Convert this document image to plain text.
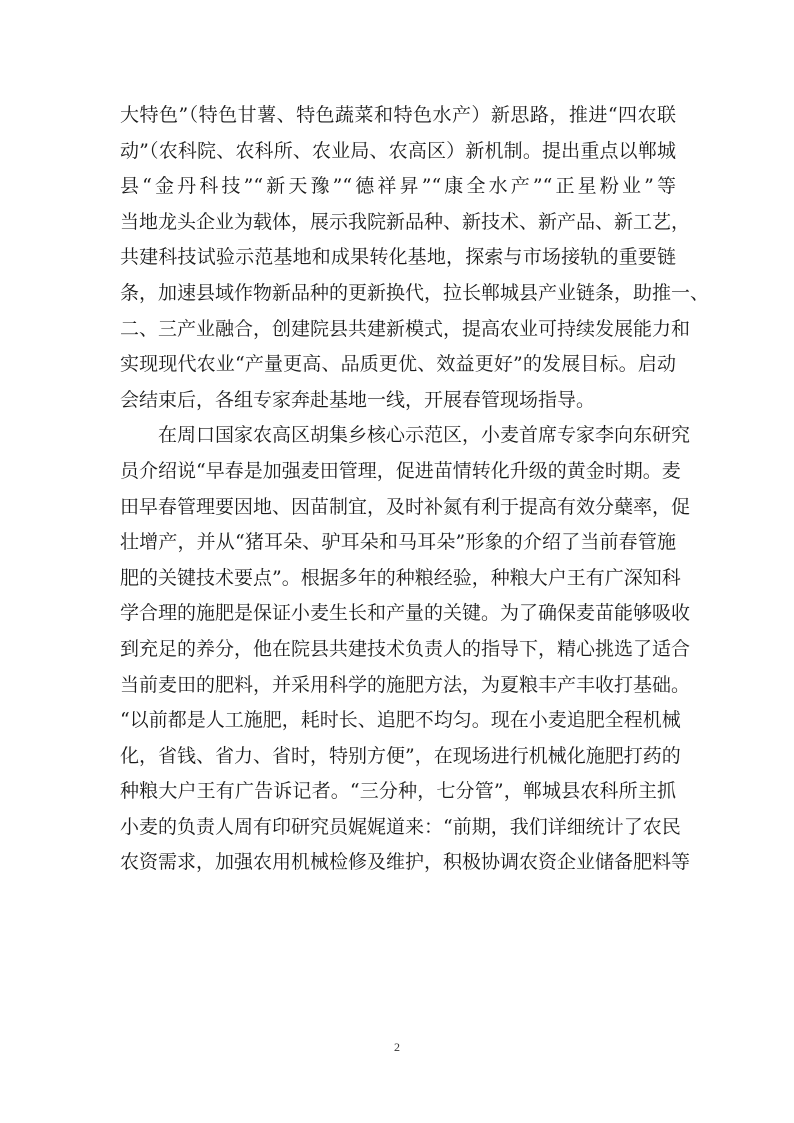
大特色”（特色甘薯、特色蔬菜和特色水产）新思路，推进“四农联
动”（农科院、农科所、农业局、农高区）新机制。提出重点以郸城
县“金丹科技”“新天豫”“德祥昇”“康全水产”“正星粉业”等
当地龙头企业为载体，展示我院新品种、新技术、新产品、新工艺，
共建科技试验示范基地和成果转化基地，探索与市场接轨的重要链
条，加速县域作物新品种的更新换代，拉长郸城县产业链条，助推一、
二、三产业融合，创建院县共建新模式，提高农业可持续发展能力和
实现现代农业“产量更高、品质更优、效益更好”的发展目标。启动
会结束后，各组专家奔赴基地一线，开展春管现场指导。
在周口国家农高区胡集乡核心示范区，小麦首席专家李向东研究
员介绍说“早春是加强麦田管理，促进苗情转化升级的黄金时期。麦
田早春管理要因地、因苗制宜，及时补氮有利于提高有效分蘖率，促
壮增产，并从“猪耳朵、驴耳朵和马耳朵”形象的介绍了当前春管施
肥的关键技术要点”。根据多年的种粮经验，种粮大户王有广深知科
学合理的施肥是保证小麦生长和产量的关键。为了确保麦苗能够吸收
到充足的养分，他在院县共建技术负责人的指导下，精心挑选了适合
当前麦田的肥料，并采用科学的施肥方法，为夏粮丰产丰收打基础。
“以前都是人工施肥，耗时长、追肥不均匀。现在小麦追肥全程机械
化，省钱、省力、省时，特别方便”，在现场进行机械化施肥打药的
种粮大户王有广告诉记者。“三分种，七分管”，郸城县农科所主抓
小麦的负责人周有印研究员娓娓道来：“前期，我们详细统计了农民
农资需求，加强农用机械检修及维护，积极协调农资企业储备肥料等
2
